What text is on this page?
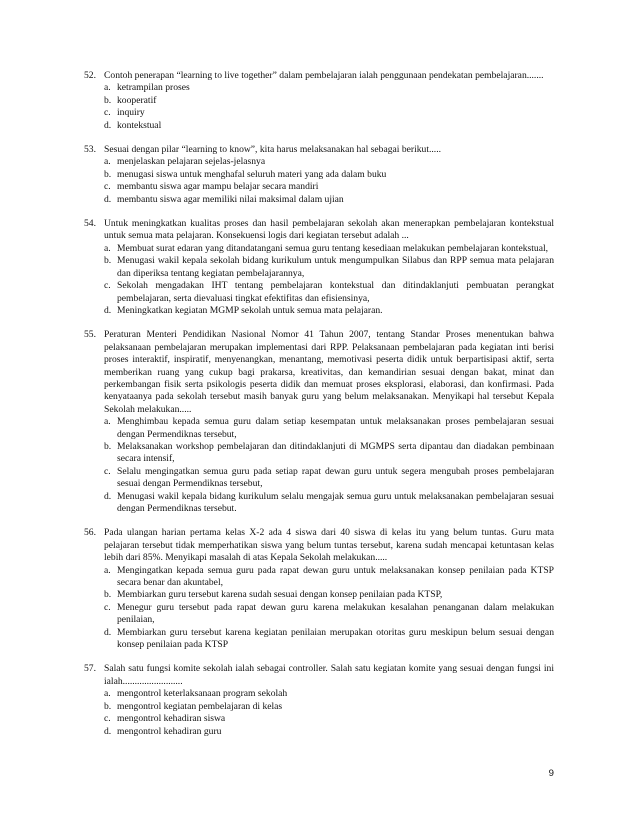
52. Contoh penerapan “learning to live together” dalam pembelajaran ialah penggunaan pendekatan pembelajaran.......
a. ketrampilan proses
b. kooperatif
c. inquiry
d. kontekstual
53. Sesuai dengan pilar “learning to know”, kita harus melaksanakan hal sebagai berikut.....
a. menjelaskan pelajaran sejelas-jelasnya
b. menugasi siswa untuk menghafal seluruh materi yang ada dalam buku
c. membantu siswa agar mampu belajar secara mandiri
d. membantu siswa agar memiliki nilai maksimal dalam ujian
54. Untuk meningkatkan kualitas proses dan hasil pembelajaran sekolah akan menerapkan pembelajaran kontekstual untuk semua mata pelajaran. Konsekuensi logis dari kegiatan tersebut adalah ...
a. Membuat surat edaran yang ditandatangani semua guru tentang kesediaan melakukan pembelajaran kontekstual,
b. Menugasi wakil kepala sekolah bidang kurikulum untuk mengumpulkan Silabus dan RPP semua mata pelajaran dan diperiksa tentang kegiatan pembelajarannya,
c. Sekolah mengadakan IHT tentang pembelajaran kontekstual dan ditindaklanjuti pembuatan perangkat pembelajaran, serta dievaluasi tingkat efektifitas dan efisiensinya,
d. Meningkatkan kegiatan MGMP sekolah untuk semua mata pelajaran.
55. Peraturan Menteri Pendidikan Nasional Nomor 41 Tahun 2007, tentang Standar Proses menentukan bahwa pelaksanaan pembelajaran merupakan implementasi dari RPP. Pelaksanaan pembelajaran pada kegiatan inti berisi proses interaktif, inspiratif, menyenangkan, menantang, memotivasi peserta didik untuk berpartisipasi aktif, serta memberikan ruang yang cukup bagi prakarsa, kreativitas, dan kemandirian sesuai dengan bakat, minat dan perkembangan fisik serta psikologis peserta didik dan memuat proses eksplorasi, elaborasi, dan konfirmasi. Pada kenyataanya pada sekolah tersebut masih banyak guru yang belum melaksanakan. Menyikapi hal tersebut Kepala Sekolah melakukan.....
a. Menghimbau kepada semua guru dalam setiap kesempatan untuk melaksanakan proses pembelajaran sesuai dengan Permendiknas tersebut,
b. Melaksanakan workshop pembelajaran dan ditindaklanjuti di MGMPS serta dipantau dan diadakan pembinaan secara intensif,
c. Selalu mengingatkan semua guru pada setiap rapat dewan guru untuk segera mengubah proses pembelajaran sesuai dengan Permendiknas tersebut,
d. Menugasi wakil kepala bidang kurikulum selalu mengajak semua guru untuk melaksanakan pembelajaran sesuai dengan Permendiknas tersebut.
56. Pada ulangan harian pertama kelas X-2 ada 4 siswa dari 40 siswa di kelas itu yang belum tuntas. Guru mata pelajaran tersebut tidak memperhatikan siswa yang belum tuntas tersebut, karena sudah mencapai ketuntasan kelas lebih dari 85%. Menyikapi masalah di atas Kepala Sekolah melakukan.....
a. Mengingatkan kepada semua guru pada rapat dewan guru untuk melaksanakan konsep penilaian pada KTSP secara benar dan akuntabel,
b. Membiarkan guru tersebut karena sudah sesuai dengan konsep penilaian pada KTSP,
c. Menegur guru tersebut pada rapat dewan guru karena melakukan kesalahan penanganan dalam melakukan penilaian,
d. Membiarkan guru tersebut karena kegiatan penilaian merupakan otoritas guru meskipun belum sesuai dengan konsep penilaian pada KTSP
57. Salah satu fungsi komite sekolah ialah sebagai controller. Salah satu kegiatan komite yang sesuai dengan fungsi ini ialah.........................
a. mengontrol keterlaksanaan program sekolah
b. mengontrol kegiatan pembelajaran di kelas
c. mengontrol kehadiran siswa
d. mengontrol kehadiran guru
9
